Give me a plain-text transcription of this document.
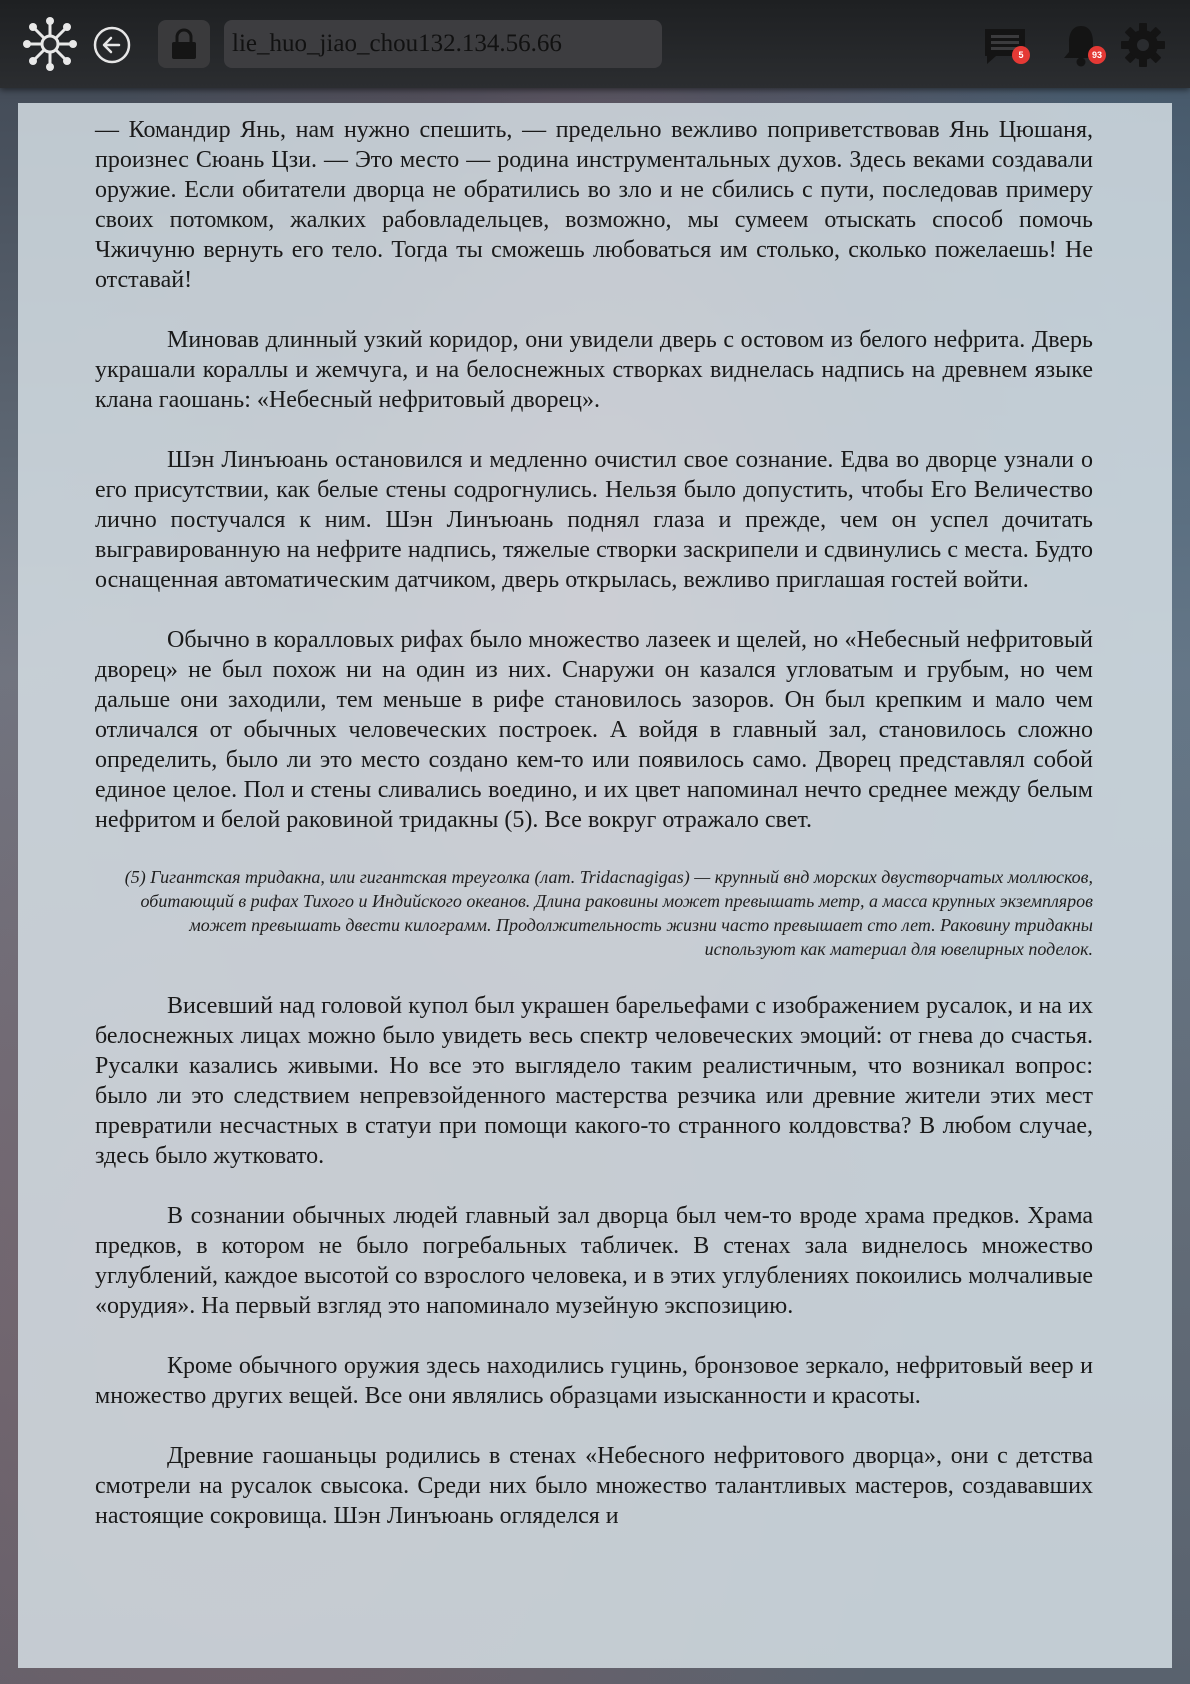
lie_huo_jiao_chou132.134.56.66
5	93

— Командир Янь, нам нужно спешить, — предельно вежливо поприветствовав Янь Цюшаня, произнес Сюань Цзи. — Это место — родина инструментальных духов. Здесь веками создавали оружие. Если обитатели дворца не обратились во зло и не сбились с пути, последовав примеру своих потомком, жалких рабовладельцев, возможно, мы сумеем отыскать способ помочь Чжичуню вернуть его тело. Тогда ты сможешь любоваться им столько, сколько пожелаешь! Не отставай!

Миновав длинный узкий коридор, они увидели дверь с остовом из белого нефрита. Дверь украшали кораллы и жемчуга, и на белоснежных створках виднелась надпись на древнем языке клана гаошань: «Небесный нефритовый дворец».

Шэн Линъюань остановился и медленно очистил свое сознание. Едва во дворце узнали о его присутствии, как белые стены содрогнулись. Нельзя было допустить, чтобы Его Величество лично постучался к ним. Шэн Линъюань поднял глаза и прежде, чем он успел дочитать выгравированную на нефрите надпись, тяжелые створки заскрипели и сдвинулись с места. Будто оснащенная автоматическим датчиком, дверь открылась, вежливо приглашая гостей войти.

Обычно в коралловых рифах было множество лазеек и щелей, но «Небесный нефритовый дворец» не был похож ни на один из них. Снаружи он казался угловатым и грубым, но чем дальше они заходили, тем меньше в рифе становилось зазоров. Он был крепким и мало чем отличался от обычных человеческих построек. А войдя в главный зал, становилось сложно определить, было ли это место создано кем-то или появилось само. Дворец представлял собой единое целое. Пол и стены сливались воедино, и их цвет напоминал нечто среднее между белым нефритом и белой раковиной тридакны (5). Все вокруг отражало свет.

(5) Гигантская тридакна, или гигантская треуголка (лат. Tridacnagigas) — крупный внд морских двустворчатых моллюсков, обитающий в рифах Тихого и Индийского океанов. Длина раковины может превышать метр, а масса крупных экземпляров может превышать двести килограмм. Продолжительность жизни часто превышает сто лет. Раковину тридакны используют как материал для ювелирных поделок.

Висевший над головой купол был украшен барельефами с изображением русалок, и на их белоснежных лицах можно было увидеть весь спектр человеческих эмоций: от гнева до счастья. Русалки казались живыми. Но все это выглядело таким реалистичным, что возникал вопрос: было ли это следствием непревзойденного мастерства резчика или древние жители этих мест превратили несчастных в статуи при помощи какого-то странного колдовства? В любом случае, здесь было жутковато.

В сознании обычных людей главный зал дворца был чем-то вроде храма предков. Храма предков, в котором не было погребальных табличек. В стенах зала виднелось множество углублений, каждое высотой со взрослого человека, и в этих углублениях покоились молчаливые «орудия». На первый взгляд это напоминало музейную экспозицию.

Кроме обычного оружия здесь находились гуцинь, бронзовое зеркало, нефритовый веер и множество других вещей. Все они являлись образцами изысканности и красоты.

Древние гаошаньцы родились в стенах «Небесного нефритового дворца», они с детства смотрели на русалок свысока. Среди них было множество талантливых мастеров, создававших настоящие сокровища. Шэн Линъюань огляделся и
